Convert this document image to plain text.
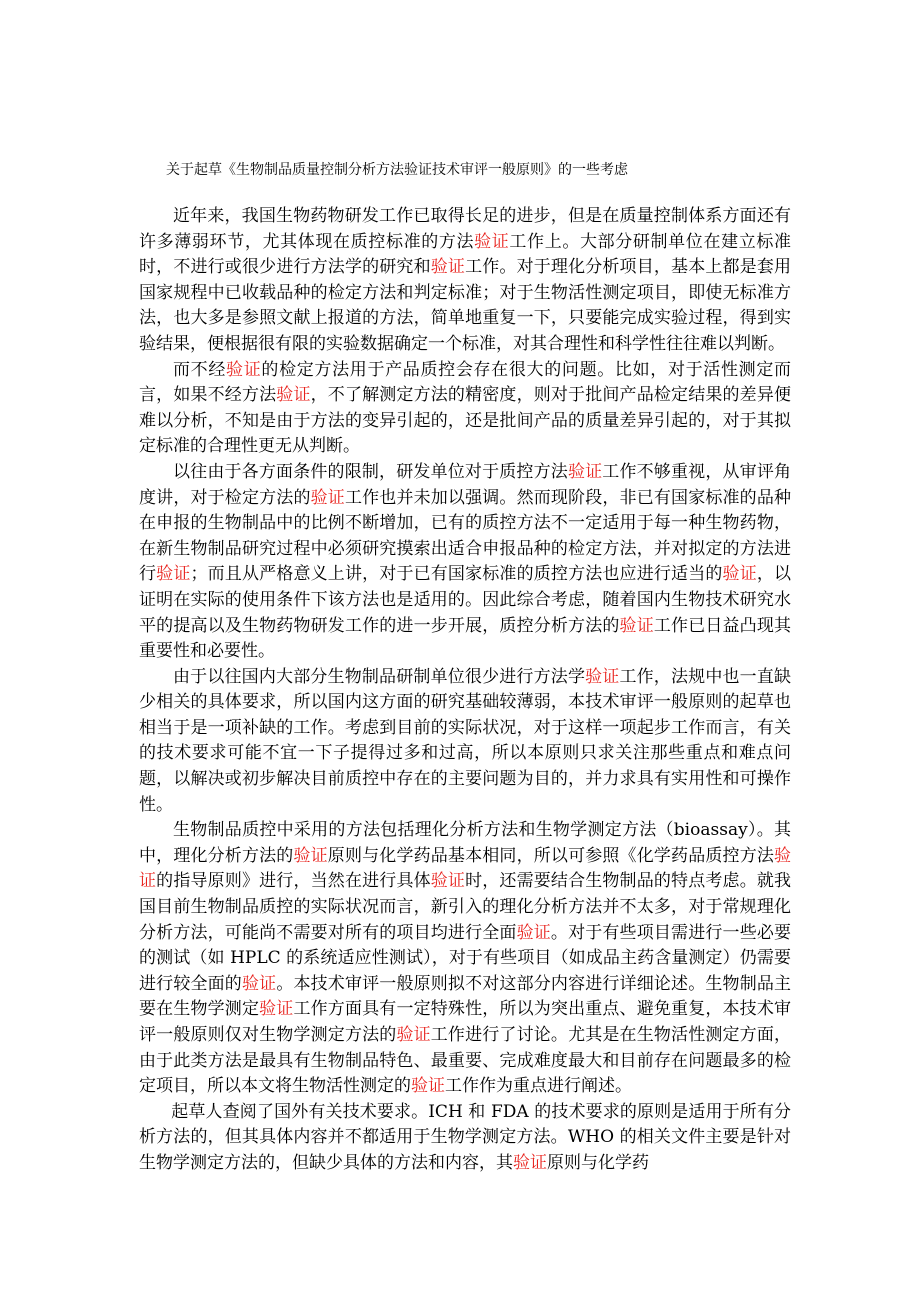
关于起草《生物制品质量控制分析方法验证技术审评一般原则》的一些考虑

近年来，我国生物药物研发工作已取得长足的进步，但是在质量控制体系方面还有许多薄弱环节，尤其体现在质控标准的方法验证工作上。大部分研制单位在建立标准时，不进行或很少进行方法学的研究和验证工作。对于理化分析项目，基本上都是套用国家规程中已收载品种的检定方法和判定标准；对于生物活性测定项目，即使无标准方法，也大多是参照文献上报道的方法，简单地重复一下，只要能完成实验过程，得到实验结果，便根据很有限的实验数据确定一个标准，对其合理性和科学性往往难以判断。

而不经验证的检定方法用于产品质控会存在很大的问题。比如，对于活性测定而言，如果不经方法验证，不了解测定方法的精密度，则对于批间产品检定结果的差异便难以分析，不知是由于方法的变异引起的，还是批间产品的质量差异引起的，对于其拟定标准的合理性更无从判断。

以往由于各方面条件的限制，研发单位对于质控方法验证工作不够重视，从审评角度讲，对于检定方法的验证工作也并未加以强调。然而现阶段，非已有国家标准的品种在申报的生物制品中的比例不断增加，已有的质控方法不一定适用于每一种生物药物，在新生物制品研究过程中必须研究摸索出适合申报品种的检定方法，并对拟定的方法进行验证；而且从严格意义上讲，对于已有国家标准的质控方法也应进行适当的验证，以证明在实际的使用条件下该方法也是适用的。因此综合考虑，随着国内生物技术研究水平的提高以及生物药物研发工作的进一步开展，质控分析方法的验证工作已日益凸现其重要性和必要性。

由于以往国内大部分生物制品研制单位很少进行方法学验证工作，法规中也一直缺少相关的具体要求，所以国内这方面的研究基础较薄弱，本技术审评一般原则的起草也相当于是一项补缺的工作。考虑到目前的实际状况，对于这样一项起步工作而言，有关的技术要求可能不宜一下子提得过多和过高，所以本原则只求关注那些重点和难点问题，以解决或初步解决目前质控中存在的主要问题为目的，并力求具有实用性和可操作性。

生物制品质控中采用的方法包括理化分析方法和生物学测定方法（bioassay）。其中，理化分析方法的验证原则与化学药品基本相同，所以可参照《化学药品质控方法验证的指导原则》进行，当然在进行具体验证时，还需要结合生物制品的特点考虑。就我国目前生物制品质控的实际状况而言，新引入的理化分析方法并不太多，对于常规理化分析方法，可能尚不需要对所有的项目均进行全面验证。对于有些项目需进行一些必要的测试（如 HPLC 的系统适应性测试），对于有些项目（如成品主药含量测定）仍需要进行较全面的验证。本技术审评一般原则拟不对这部分内容进行详细论述。生物制品主要在生物学测定验证工作方面具有一定特殊性，所以为突出重点、避免重复，本技术审评一般原则仅对生物学测定方法的验证工作进行了讨论。尤其是在生物活性测定方面，由于此类方法是最具有生物制品特色、最重要、完成难度最大和目前存在问题最多的检定项目，所以本文将生物活性测定的验证工作作为重点进行阐述。

起草人查阅了国外有关技术要求。ICH 和 FDA 的技术要求的原则是适用于所有分析方法的，但其具体内容并不都适用于生物学测定方法。WHO 的相关文件主要是针对生物学测定方法的，但缺少具体的方法和内容，其验证原则与化学药
